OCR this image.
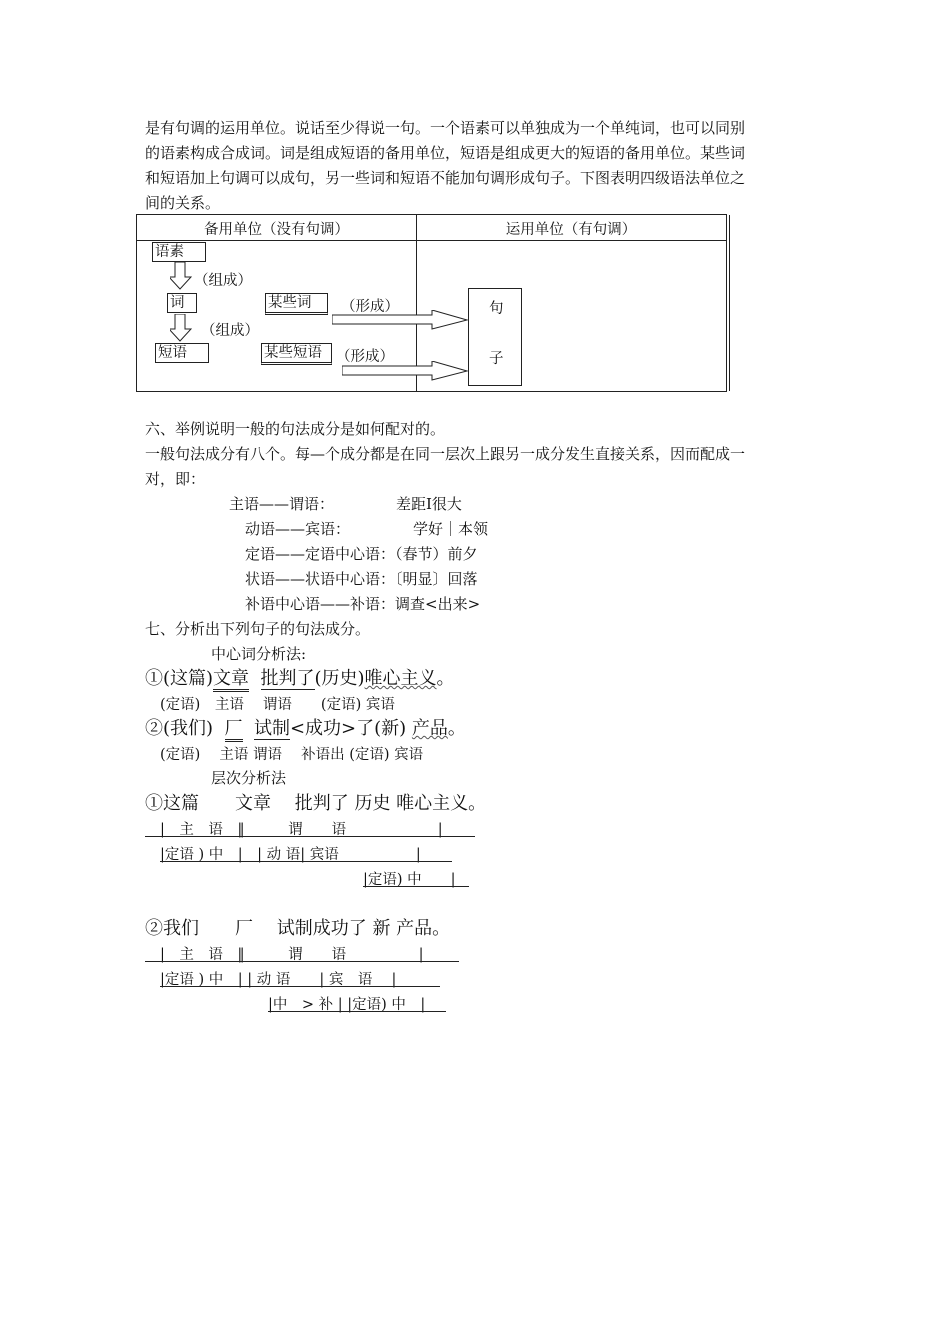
是有句调的运用单位。说话至少得说一句。一个语素可以单独成为一个单纯词，也可以同别
的语素构成合成词。词是组成短语的备用单位，短语是组成更大的短语的备用单位。某些词
和短语加上句调可以成句，另一些词和短语不能加句调形成句子。下图表明四级语法单位之
间的关系。
备用单位（没有句调）	运用单位（有句调）
语素
（组成）
词	某些词	（形成）
（组成）
短语	某些短语 （形成）
句
子
六、举例说明一般的句法成分是如何配对的。
一般句法成分有八个。每—个成分都是在同一层次上跟另一成分发生直接关系，因而配成一
对，即：
主语——谓语：	差距Ⅰ很大
动语——宾语：	学好｜本领
定语——定语中心语：（春节）前夕
状语——状语中心语：〔明显〕回落
补语中心语——补语：调查<出来>
七、分析出下列句子的句法成分。
中心词分析法:
①(这篇)文章 批判了(历史)唯心主义。
(定语)　主语　 谓语　　(定语) 宾语
②(我们) 厂 试制<成功>了(新) 产品。
(定语)　 主语 谓语　 补语出 (定语) 宾语
层次分析法
①这篇　　文章　 批判了 历史 唯心主义。
|　主　语　‖　　　谓　　语　　　　　　 |
|定语 ) 中　|　| 动 语| 宾语　　　　　 |
|定语) 中　　|
②我们　　厂　 试制成功了 新 产品。
|　主　语　‖　　　谓　　语　　　　　|
|定语 ) 中　| | 动 语　　| 宾　语　 |
|中　> 补 | |定语) 中　|
